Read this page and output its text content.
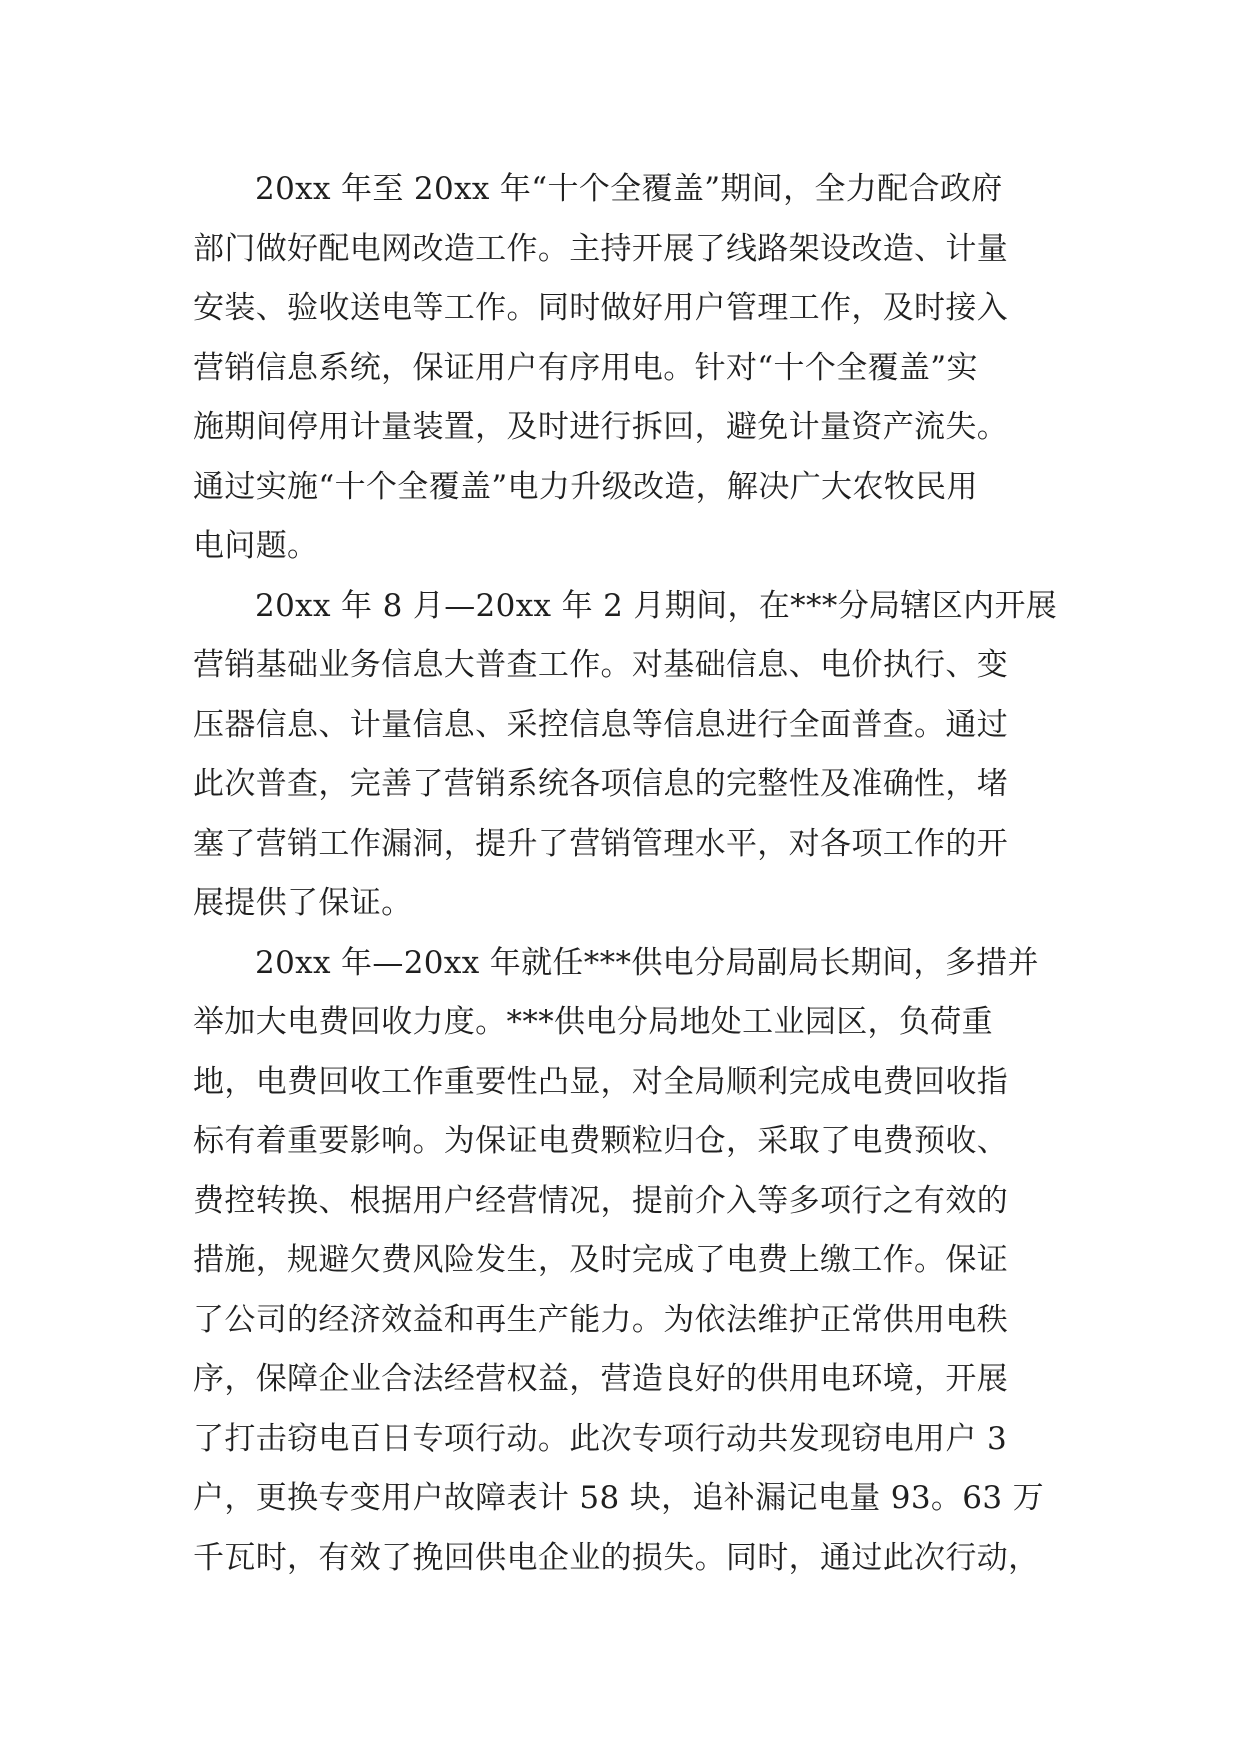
20xx 年至 20xx 年“十个全覆盖”期间，全力配合政府
部门做好配电网改造工作。主持开展了线路架设改造、计量
安装、验收送电等工作。同时做好用户管理工作，及时接入
营销信息系统，保证用户有序用电。针对“十个全覆盖”实
施期间停用计量装置，及时进行拆回，避免计量资产流失。
通过实施“十个全覆盖”电力升级改造，解决广大农牧民用
电问题。

20xx 年 8 月—20xx 年 2 月期间，在***分局辖区内开展
营销基础业务信息大普查工作。对基础信息、电价执行、变
压器信息、计量信息、采控信息等信息进行全面普查。通过
此次普查，完善了营销系统各项信息的完整性及准确性，堵
塞了营销工作漏洞，提升了营销管理水平，对各项工作的开
展提供了保证。

20xx 年—20xx 年就任***供电分局副局长期间，多措并
举加大电费回收力度。***供电分局地处工业园区，负荷重
地，电费回收工作重要性凸显，对全局顺利完成电费回收指
标有着重要影响。为保证电费颗粒归仓，采取了电费预收、
费控转换、根据用户经营情况，提前介入等多项行之有效的
措施，规避欠费风险发生，及时完成了电费上缴工作。保证
了公司的经济效益和再生产能力。为依法维护正常供用电秩
序，保障企业合法经营权益，营造良好的供用电环境，开展
了打击窃电百日专项行动。此次专项行动共发现窃电用户 3
户，更换专变用户故障表计 58 块，追补漏记电量 93。63 万
千瓦时，有效了挽回供电企业的损失。同时，通过此次行动，
